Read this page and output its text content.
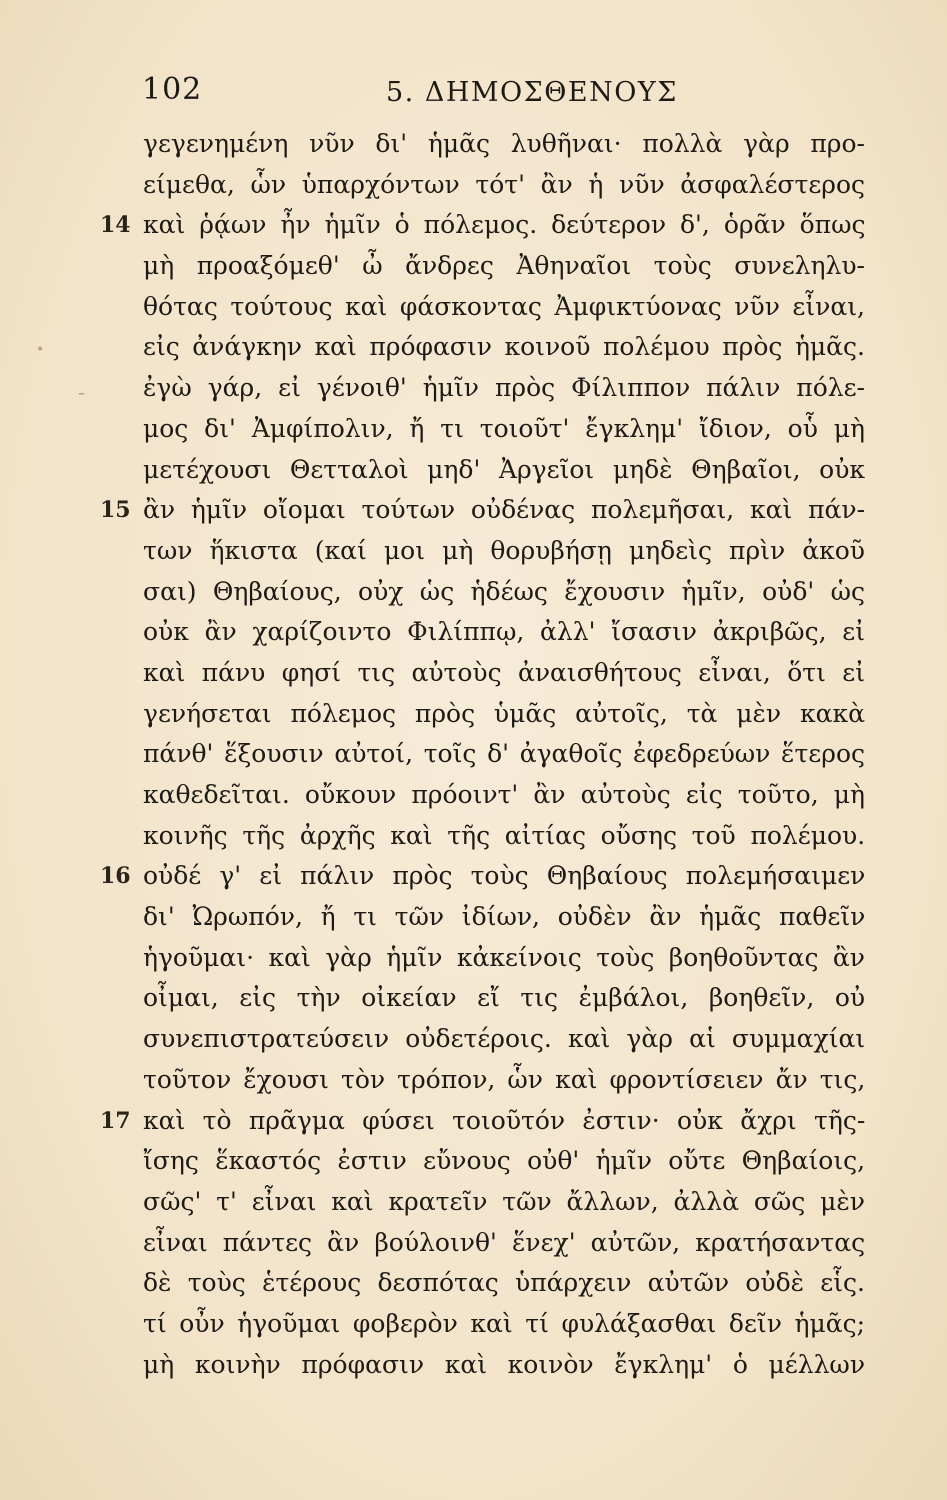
102	5. ΔΗΜΟΣΘΕΝΟΥΣ
-
•
γεγενημένη νῦν δι' ἡμᾶς λυθῆναι· πολλὰ γὰρ προ-
είμεθα, ὧν ὑπαρχόντων τότ' ἂν ἡ νῦν ἀσφαλέστερος
14 καὶ ῥᾴων ἦν ἡμῖν ὁ πόλεμος. δεύτερον δ', ὁρᾶν ὅπως
μὴ προαξόμεθ' ὦ ἄνδρες Ἀθηναῖοι τοὺς συνεληλυ-
θότας τούτους καὶ φάσκοντας Ἀμφικτύονας νῦν εἶναι,
εἰς ἀνάγκην καὶ πρόφασιν κοινοῦ πολέμου πρὸς ἡμᾶς.
ἐγὼ γάρ, εἰ γένοιθ' ἡμῖν πρὸς Φίλιππον πάλιν πόλε-
μος δι' Ἀμφίπολιν, ἤ τι τοιοῦτ' ἔγκλημ' ἴδιον, οὗ μὴ
μετέχουσι Θετταλοὶ μηδ' Ἀργεῖοι μηδὲ Θηβαῖοι, οὐκ
15 ἂν ἡμῖν οἴομαι τούτων οὐδένας πολεμῆσαι, καὶ πάν-
των ἥκιστα (καί μοι μὴ θορυβήσῃ μηδεὶς πρὶν ἀκοῦ
σαι) Θηβαίους, οὐχ ὡς ἡδέως ἔχουσιν ἡμῖν, οὐδ' ὡς
οὐκ ἂν χαρίζοιντο Φιλίππῳ, ἀλλ' ἴσασιν ἀκριβῶς, εἰ
καὶ πάνυ φησί τις αὐτοὺς ἀναισθήτους εἶναι, ὅτι εἰ
γενήσεται πόλεμος πρὸς ὑμᾶς αὐτοῖς, τὰ μὲν κακὰ
πάνθ' ἕξουσιν αὐτοί, τοῖς δ' ἀγαθοῖς ἐφεδρεύων ἕτερος
καθεδεῖται. οὔκουν πρόοιντ' ἂν αὐτοὺς εἰς τοῦτο, μὴ
κοινῆς τῆς ἀρχῆς καὶ τῆς αἰτίας οὔσης τοῦ πολέμου.
16 οὐδέ γ' εἰ πάλιν πρὸς τοὺς Θηβαίους πολεμήσαιμεν
δι' Ὠρωπόν, ἤ τι τῶν ἰδίων, οὐδὲν ἂν ἡμᾶς παθεῖν
ἡγοῦμαι· καὶ γὰρ ἡμῖν κἀκείνοις τοὺς βοηθοῦντας ἂν
οἶμαι, εἰς τὴν οἰκείαν εἴ τις ἐμβάλοι, βοηθεῖν, οὐ
συνεπιστρατεύσειν οὐδετέροις. καὶ γὰρ αἱ συμμαχίαι
τοῦτον ἔχουσι τὸν τρόπον, ὧν καὶ φροντίσειεν ἄν τις,
17 καὶ τὸ πρᾶγμα φύσει τοιοῦτόν ἐστιν· οὐκ ἄχρι τῆς-
ἴσης ἕκαστός ἐστιν εὔνους οὐθ' ἡμῖν οὔτε Θηβαίοις,
σῶς' τ' εἶναι καὶ κρατεῖν τῶν ἄλλων, ἀλλὰ σῶς μὲν
εἶναι πάντες ἂν βούλοινθ' ἕνεχ' αὐτῶν, κρατήσαντας
δὲ τοὺς ἑτέρους δεσπότας ὑπάρχειν αὐτῶν οὐδὲ εἷς.
τί οὖν ἡγοῦμαι φοβερὸν καὶ τί φυλάξασθαι δεῖν ἡμᾶς;
μὴ κοινὴν πρόφασιν καὶ κοινὸν ἔγκλημ' ὁ μέλλων
